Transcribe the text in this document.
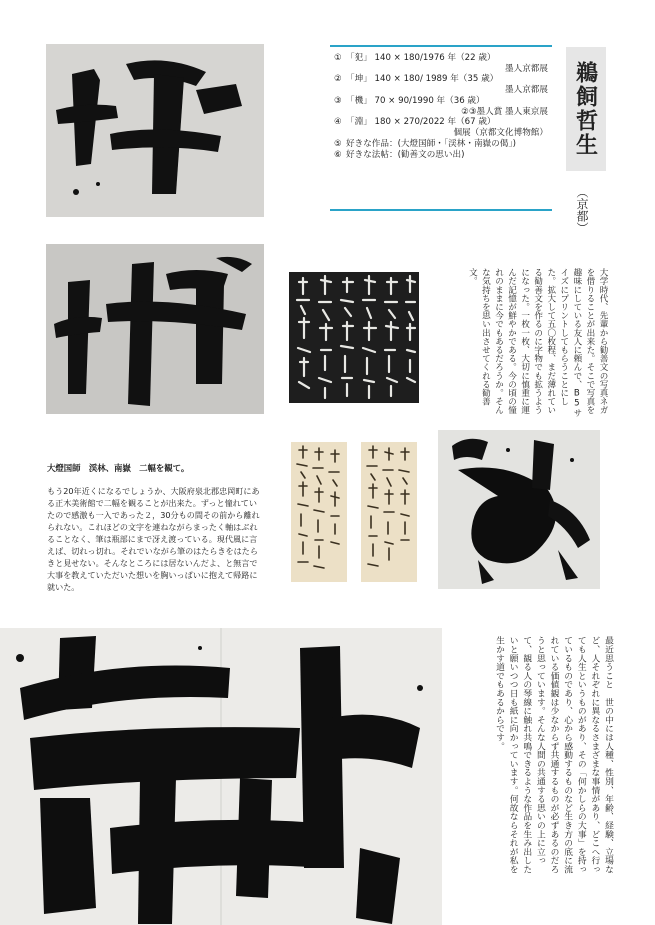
① 「犯」 140 × 180/1976 年（22 歳）
墨人京都展
② 「坤」 140 × 180/ 1989 年（35 歳）
墨人京都展
③ 「機」 70 × 90/1990 年（36 歳）
②③墨人賞 墨人東京展
④ 「淵」 180 × 270/2022 年（67 歳）
個展（京都文化博物館）
⑤ 好きな作品：(大燈国師・「渓林・南嶽の偈」)
⑥ 好きな法帖：(勧善文の思い出)	鵜飼哲生
（京都）
大学時代、先輩から勧善文の写真ネガを借りることが出来た。そこで写真を趣味にしている友人に頼んで、B5サイズにプリントしてもらうことにした。拡大して五〇枚程、まだ薄れている勧善文を作るのに字物でも拡うようになった。一枚一枚、大切に慎重に運んだ記憶が鮮やかである。今の頃の憧れのままに今でもあるだろうか。そんな気持ちを思い出させてくれる勧善文。
大燈国師　渓林、南嶽　二幅を観て。
もう20年近くになるでしょうか、大阪府泉北郡忠岡町にある正木美術館で二幅を観ることが出来た。ずっと憧れていたので感激も一入であった２，30分もの間その前から離れられない。これほどの文字を連ねながらまったく軸はぶれることなく、筆は瓶部にまで冴え渡っている。現代風に言えば、切れっ切れ。それでいながら筆のはたらきをはたらきと見せない。そんなところには居ないんだよ、と無言で大事を教えていただいた想いを胸いっぱいに抱えて帰路に就いた。
最近思うこと　世の中には人種、性別、年齢、経験、立場など、人それぞれに異なるさまざまな事情があり、どこへ行っても人生というものがあり、その「何かしらの大事」を持っているものであり、心から感動するものなど生き方の底に流れている価値観は少なからず共通するものが必ずあるのだろうと思っています。そんな人間の共通する思いの上に立って、観る人の琴線に触れ共鳴できるような作品を生み出したいと願いつつ日も紙に向かっています。何故ならそれが私を生かす道でもあるからです。
